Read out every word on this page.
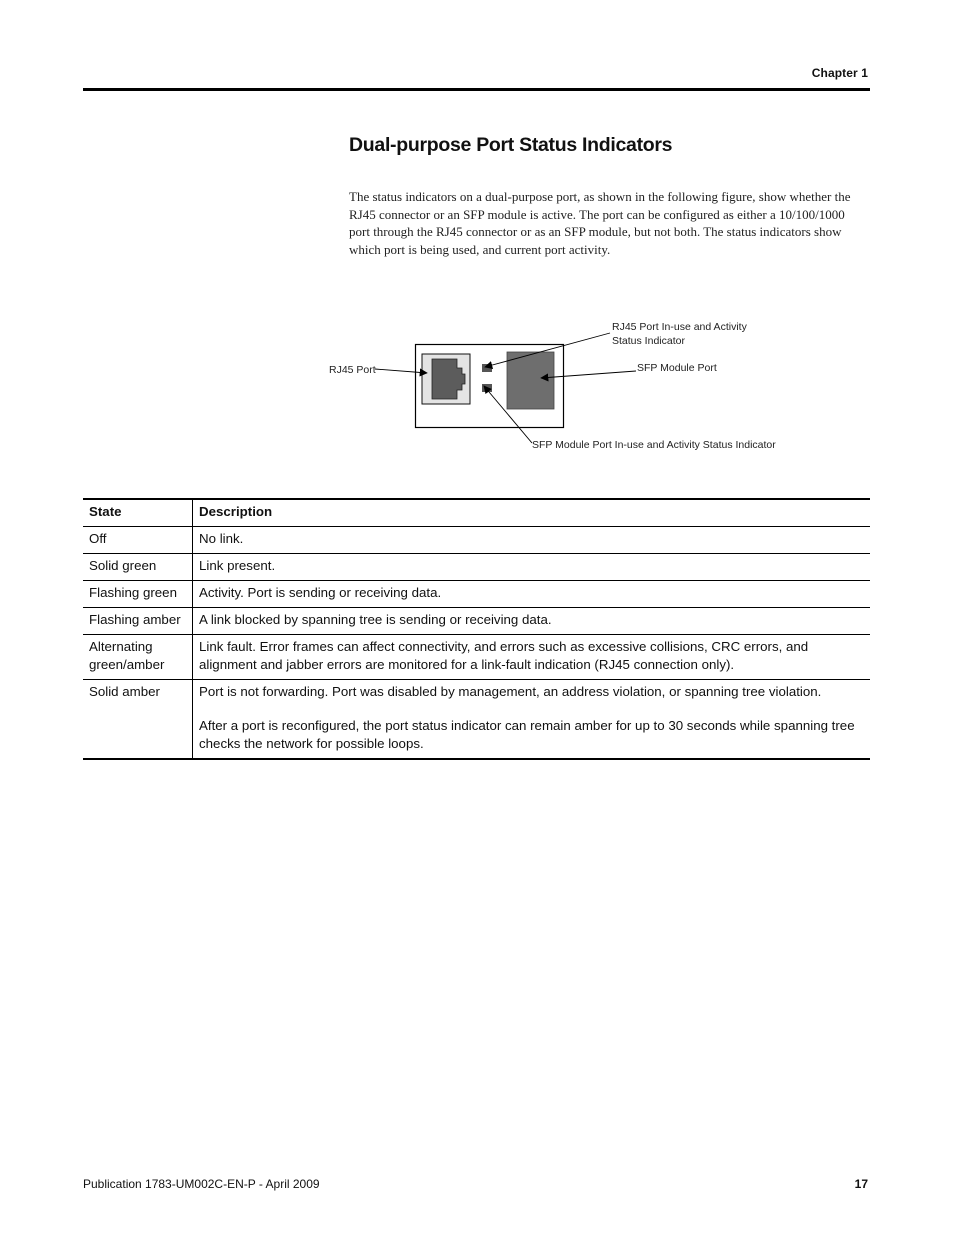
Chapter 1
Dual-purpose Port Status Indicators
The status indicators on a dual-purpose port, as shown in the following figure, show whether the RJ45 connector or an SFP module is active. The port can be configured as either a 10/100/1000 port through the RJ45 connector or as an SFP module, but not both. The status indicators show which port is being used, and current port activity.
RJ45 Port
RJ45 Port In-use and Activity
Status Indicator
SFP Module Port
SFP Module Port In-use and Activity Status Indicator
State	Description
Off	No link.
Solid green	Link present.
Flashing green	Activity. Port is sending or receiving data.
Flashing amber	A link blocked by spanning tree is sending or receiving data.
Alternating green/amber	Link fault. Error frames can affect connectivity, and errors such as excessive collisions, CRC errors, and alignment and jabber errors are monitored for a link-fault indication (RJ45 connection only).
Solid amber	Port is not forwarding. Port was disabled by management, an address violation, or spanning tree violation.
After a port is reconfigured, the port status indicator can remain amber for up to 30 seconds while spanning tree checks the network for possible loops.
Publication 1783-UM002C-EN-P - April 2009	17
